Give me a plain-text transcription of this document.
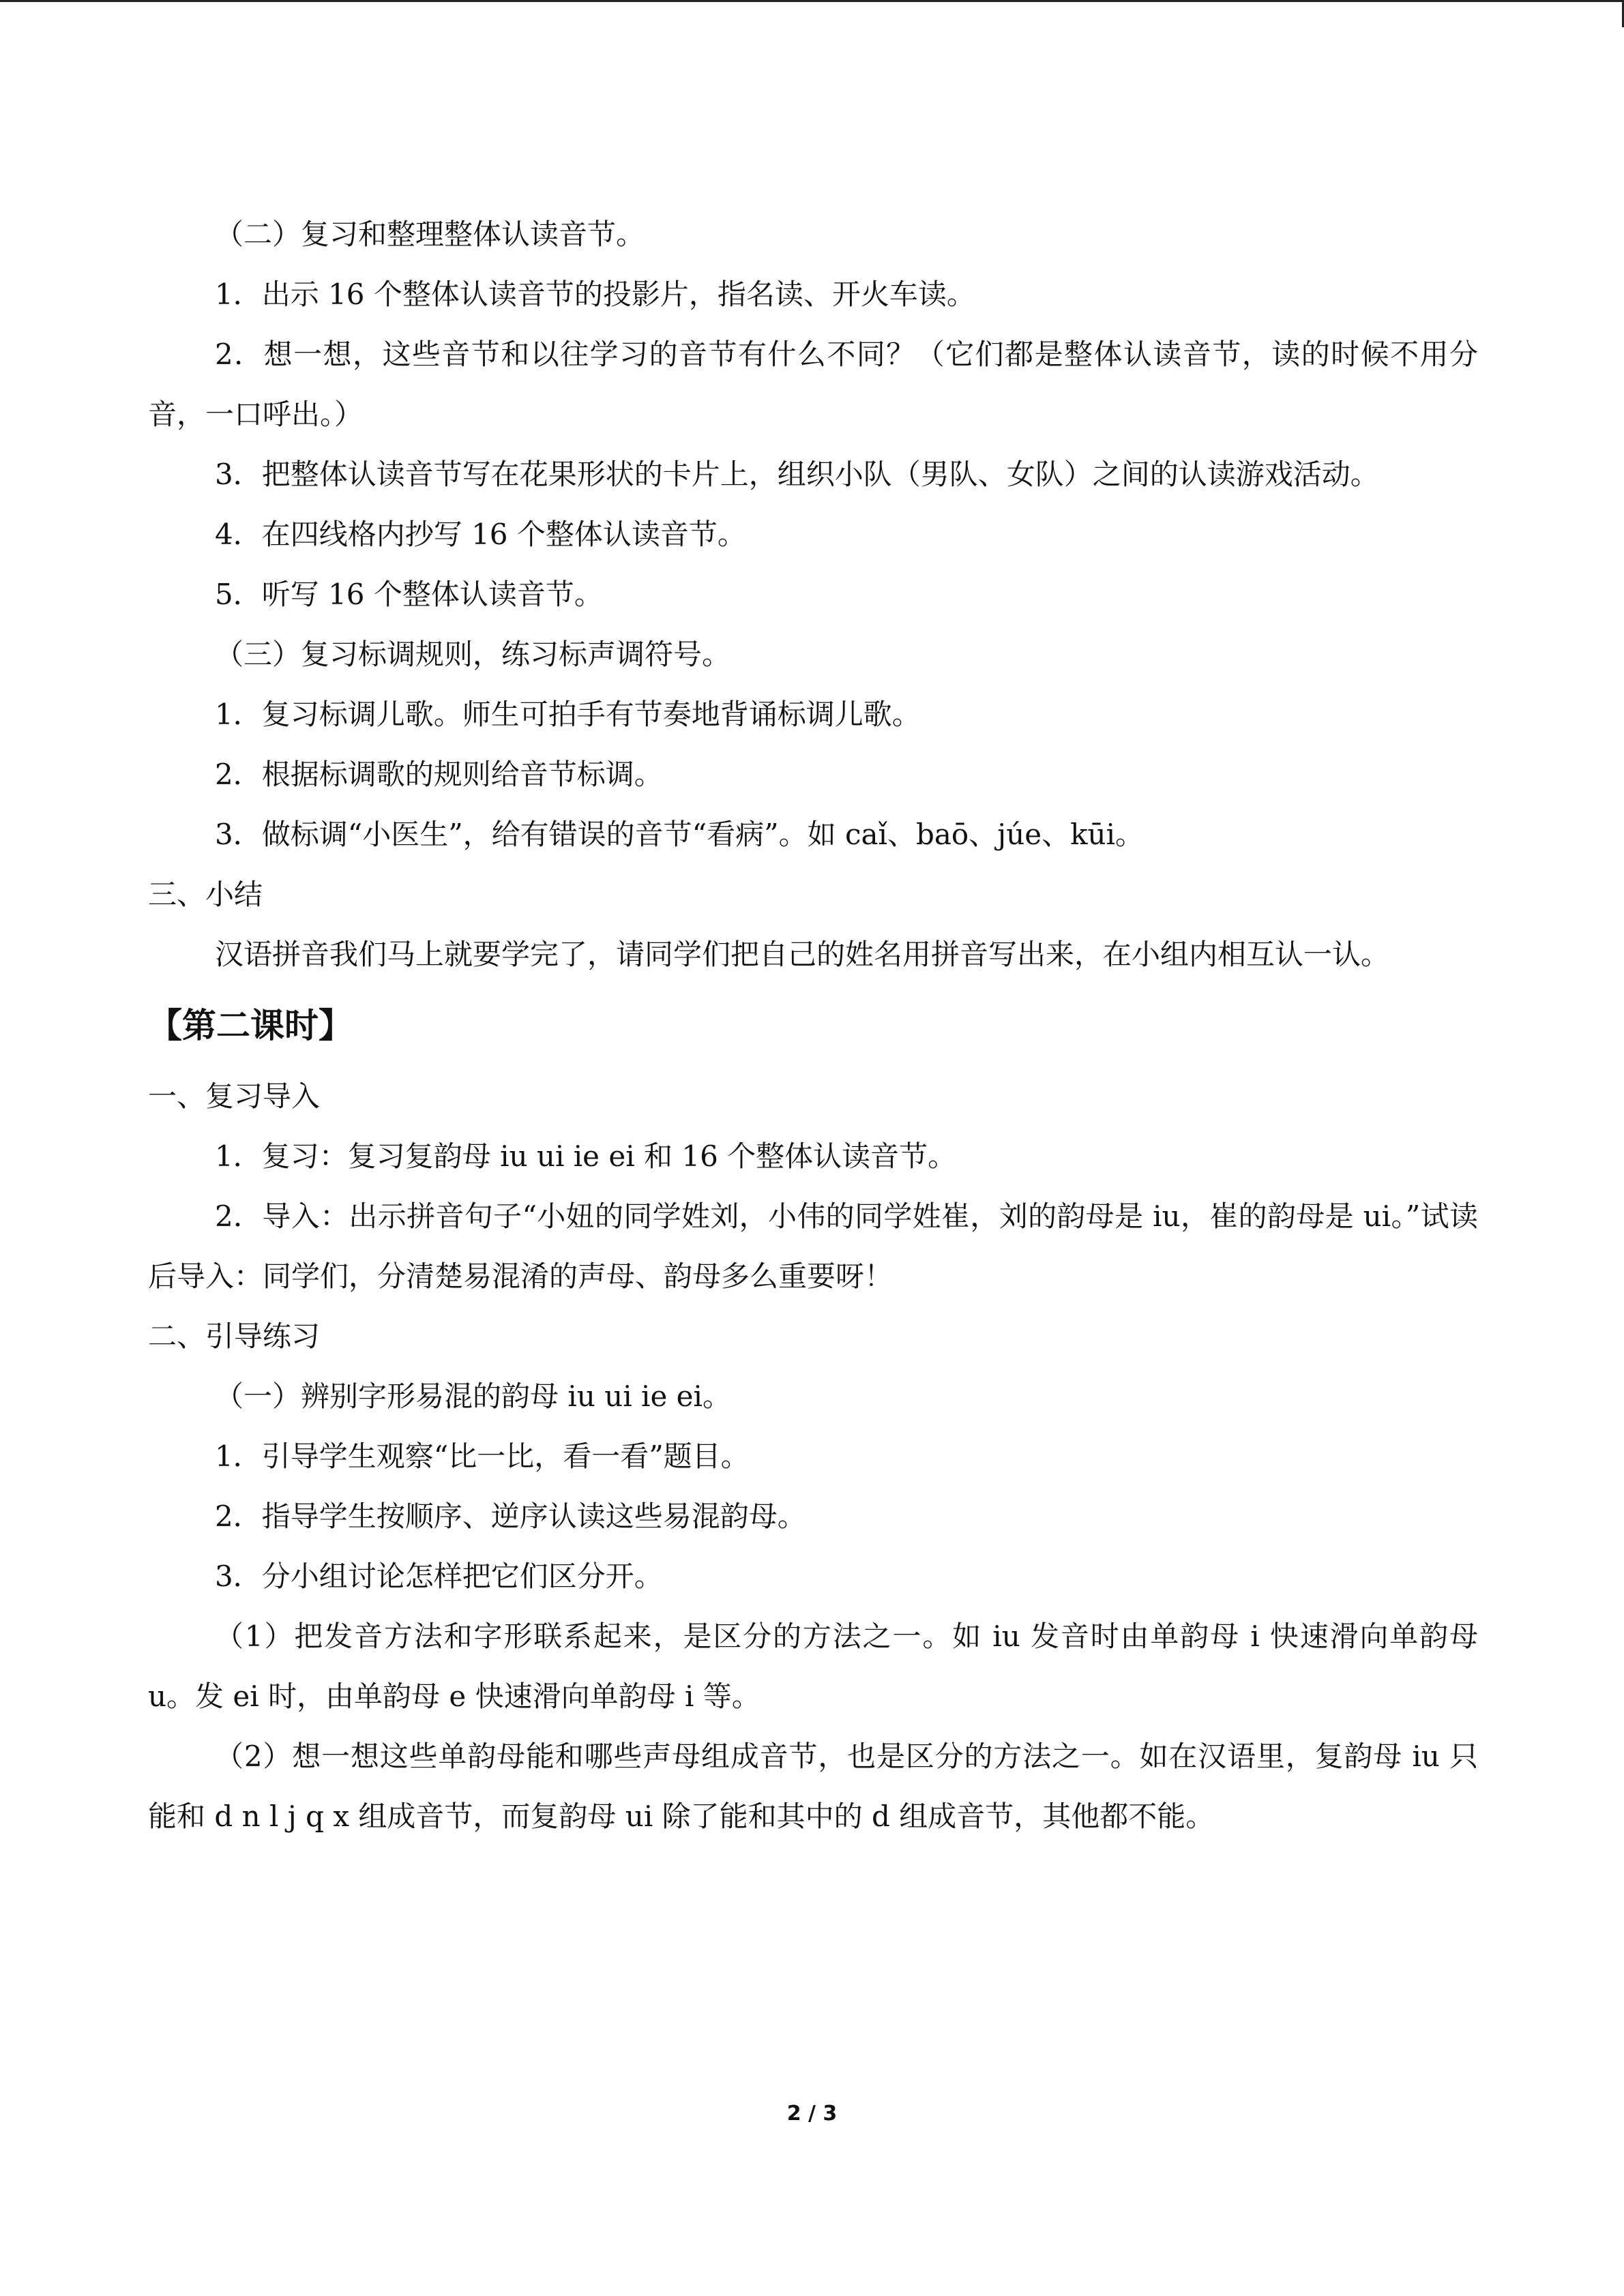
（二）复习和整理整体认读音节。

1．出示 16 个整体认读音节的投影片，指名读、开火车读。

2．想一想，这些音节和以往学习的音节有什么不同？（它们都是整体认读音节，读的时候不用分音，一口呼出。）

3．把整体认读音节写在花果形状的卡片上，组织小队（男队、女队）之间的认读游戏活动。

4．在四线格内抄写 16 个整体认读音节。

5．听写 16 个整体认读音节。

（三）复习标调规则，练习标声调符号。

1．复习标调儿歌。师生可拍手有节奏地背诵标调儿歌。

2．根据标调歌的规则给音节标调。

3．做标调“小医生”，给有错误的音节“看病”。如 caǐ、baō、júe、kūi。

三、小结

汉语拼音我们马上就要学完了，请同学们把自己的姓名用拼音写出来，在小组内相互认一认。

【第二课时】

一、复习导入

1．复习：复习复韵母 iu ui ie ei 和 16 个整体认读音节。

2．导入：出示拼音句子“小妞的同学姓刘，小伟的同学姓崔，刘的韵母是 iu，崔的韵母是 ui。”试读后导入：同学们，分清楚易混淆的声母、韵母多么重要呀！

二、引导练习

（一）辨别字形易混的韵母 iu ui ie ei。

1．引导学生观察“比一比，看一看”题目。

2．指导学生按顺序、逆序认读这些易混韵母。

3．分小组讨论怎样把它们区分开。

（1）把发音方法和字形联系起来，是区分的方法之一。如 iu 发音时由单韵母 i 快速滑向单韵母 u。发 ei 时，由单韵母 e 快速滑向单韵母 i 等。

（2）想一想这些单韵母能和哪些声母组成音节，也是区分的方法之一。如在汉语里，复韵母 iu 只能和 d n l j q x 组成音节，而复韵母 ui 除了能和其中的 d 组成音节，其他都不能。

2 / 3
